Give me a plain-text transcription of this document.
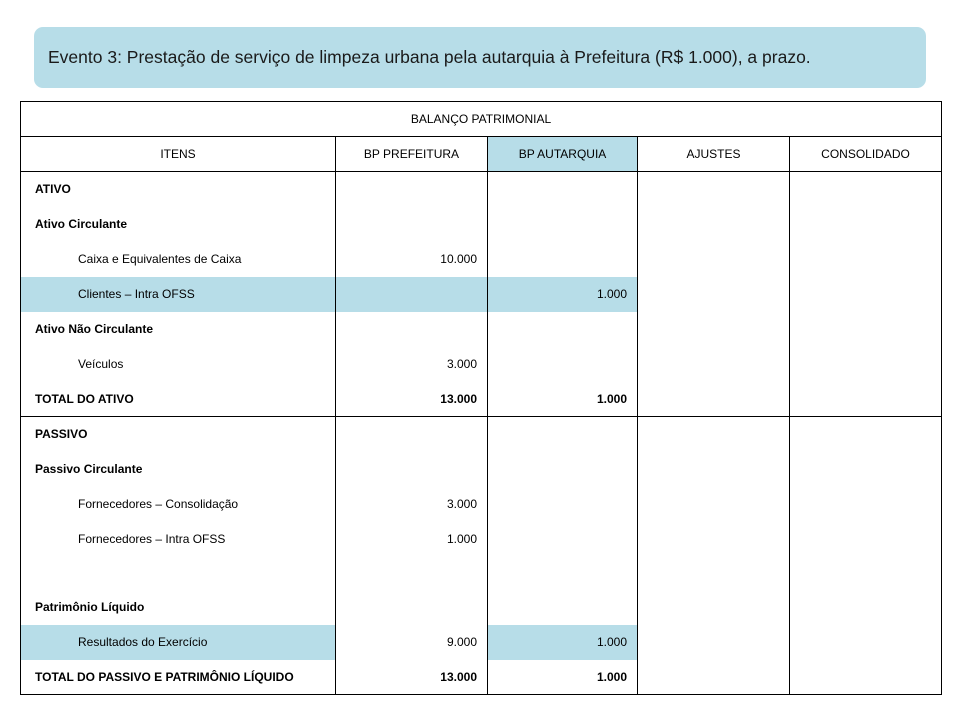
Evento 3: Prestação de serviço de limpeza urbana pela autarquia à Prefeitura (R$ 1.000), a prazo.
BALANÇO PATRIMONIAL				
ITENS	BP PREFEITURA	BP AUTARQUIA	AJUSTES	CONSOLIDADO
ATIVO				
Ativo Circulante				
Caixa e Equivalentes de Caixa	10.000			
Clientes – Intra OFSS		1.000		
Ativo Não Circulante				
Veículos	3.000			
TOTAL DO ATIVO	13.000	1.000		
PASSIVO				
Passivo Circulante				
Fornecedores – Consolidação	3.000			
Fornecedores – Intra OFSS	1.000			

Patrimônio Líquido				
Resultados do Exercício	9.000	1.000		
TOTAL DO PASSIVO E PATRIMÔNIO LÍQUIDO	13.000	1.000		
